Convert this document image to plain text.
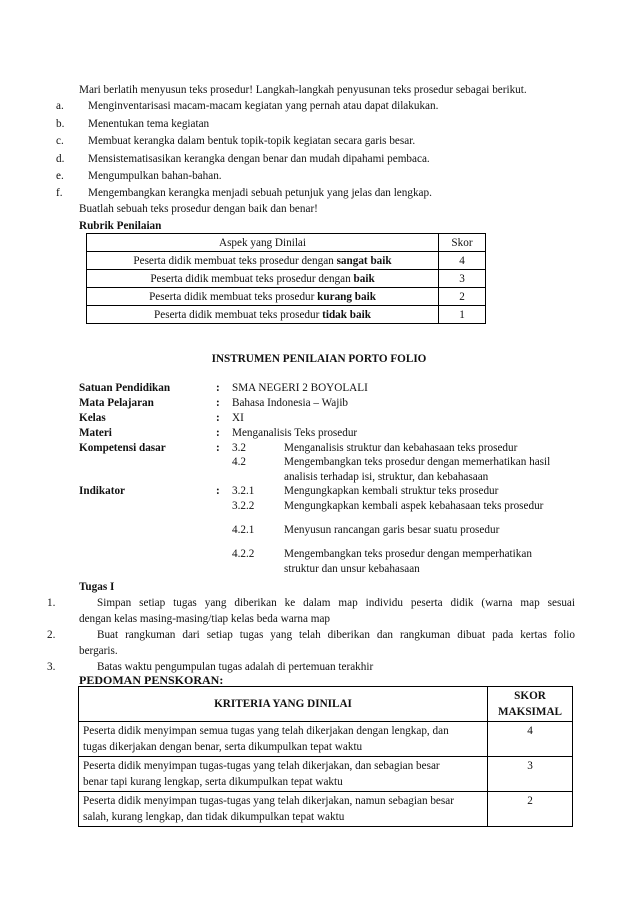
Mari berlatih menyusun teks prosedur! Langkah-langkah penyusunan teks prosedur sebagai berikut.
a. Menginventarisasi macam-macam kegiatan yang pernah atau dapat dilakukan.
b. Menentukan tema kegiatan
c. Membuat kerangka dalam bentuk topik-topik kegiatan secara garis besar.
d. Mensistematisasikan kerangka dengan benar dan mudah dipahami pembaca.
e. Mengumpulkan bahan-bahan.
f. Mengembangkan kerangka menjadi sebuah petunjuk yang jelas dan lengkap.
Buatlah sebuah teks prosedur dengan baik dan benar!
Rubrik Penilaian
Aspek yang Dinilai	Skor
Peserta didik membuat teks prosedur dengan sangat baik	4
Peserta didik membuat teks prosedur dengan baik	3
Peserta didik membuat teks prosedur kurang baik	2
Peserta didik membuat teks prosedur tidak baik	1
INSTRUMEN PENILAIAN PORTO FOLIO
Satuan Pendidikan	: SMA NEGERI 2 BOYOLALI
Mata Pelajaran	: Bahasa Indonesia – Wajib
Kelas	: XI
Materi	: Menganalisis Teks prosedur
Kompetensi dasar	: 3.2	Menganalisis struktur dan kebahasaan teks prosedur
4.2	Mengembangkan teks prosedur dengan memerhatikan hasil
analisis terhadap isi, struktur, dan kebahasaan
Indikator	: 3.2.1	Mengungkapkan kembali struktur teks prosedur
3.2.2	Mengungkapkan kembali aspek kebahasaan teks prosedur
4.2.1	Menyusun rancangan garis besar suatu prosedur
4.2.2	Mengembangkan teks prosedur dengan memperhatikan
struktur dan unsur kebahasaan
Tugas I
1.	Simpan setiap tugas yang diberikan ke dalam map individu peserta didik (warna map sesuai
dengan kelas masing-masing/tiap kelas beda warna map
2.	Buat rangkuman dari setiap tugas yang telah diberikan dan rangkuman dibuat pada kertas folio
bergaris.
3.	Batas waktu pengumpulan tugas adalah di pertemuan terakhir
PEDOMAN PENSKORAN:
KRITERIA YANG DINILAI	SKOR
MAKSIMAL
Peserta didik menyimpan semua tugas yang telah dikerjakan dengan lengkap, dan
tugas dikerjakan dengan benar, serta dikumpulkan tepat waktu	4
Peserta didik menyimpan tugas-tugas yang telah dikerjakan, dan sebagian besar
benar tapi kurang lengkap, serta dikumpulkan tepat waktu	3
Peserta didik menyimpan tugas-tugas yang telah dikerjakan, namun sebagian besar
salah, kurang lengkap, dan tidak dikumpulkan tepat waktu	2
